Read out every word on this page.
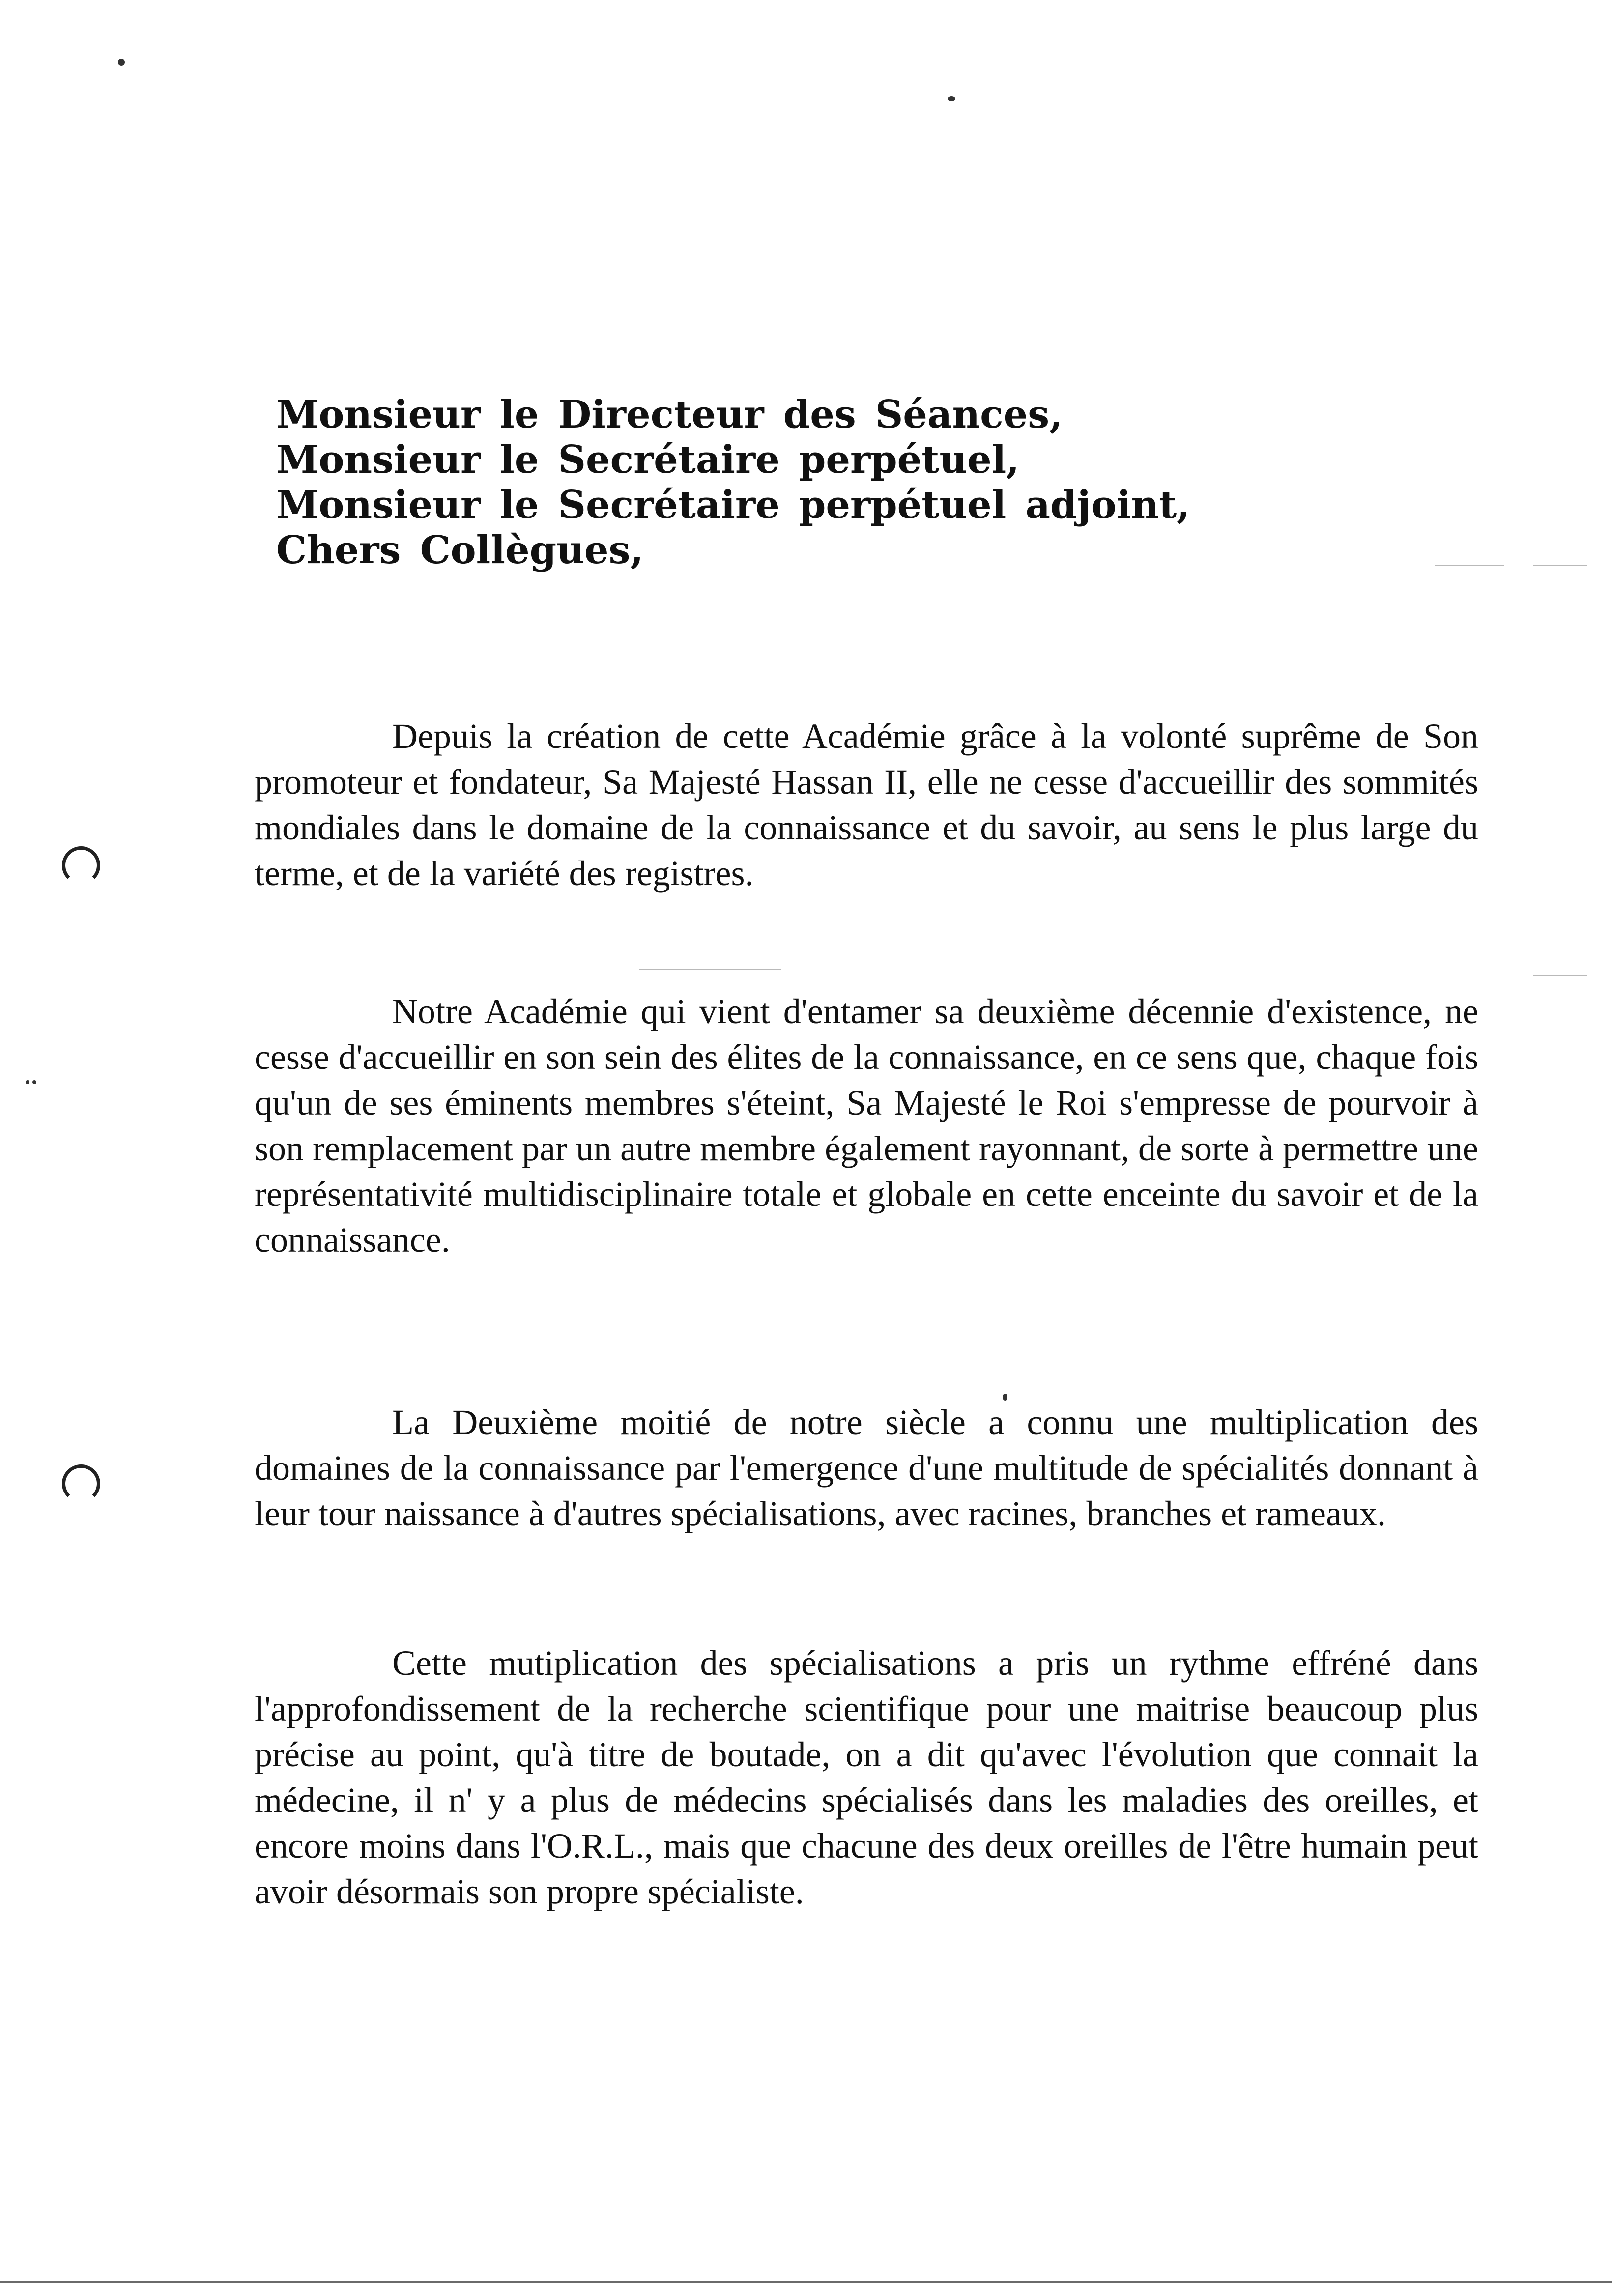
Monsieur le Directeur des Séances,
Monsieur le Secrétaire perpétuel,
Monsieur le Secrétaire perpétuel adjoint,
Chers Collègues,

Depuis la création de cette Académie grâce à la volonté suprême de Son promoteur et fondateur, Sa Majesté Hassan II, elle ne cesse d'accueillir des sommités mondiales dans le domaine de la connaissance et du savoir, au sens le plus large du terme, et de la variété des registres.

Notre Académie qui vient d'entamer sa deuxième décennie d'existence, ne cesse d'accueillir en son sein des élites de la connaissance, en ce sens que, chaque fois qu'un de ses éminents membres s'éteint, Sa Majesté le Roi s'empresse de pourvoir à son remplacement par un autre membre également rayonnant, de sorte à permettre une représentativité multidisciplinaire totale et globale en cette enceinte du savoir et de la connaissance.

La Deuxième moitié de notre siècle a connu une multiplication des domaines de la connaissance par l'emergence d'une multitude de spécialités donnant à leur tour naissance à d'autres spécialisations, avec racines, branches et rameaux.

Cette mutiplication des spécialisations a pris un rythme effréné dans l'approfondissement de la recherche scientifique pour une maitrise beaucoup plus précise au point, qu'à titre de boutade, on a dit qu'avec l'évolution que connait la médecine, il n' y a plus de médecins spécialisés dans les maladies des oreilles, et encore moins dans l'O.R.L., mais que chacune des deux oreilles de l'être humain peut avoir désormais son propre spécialiste.
